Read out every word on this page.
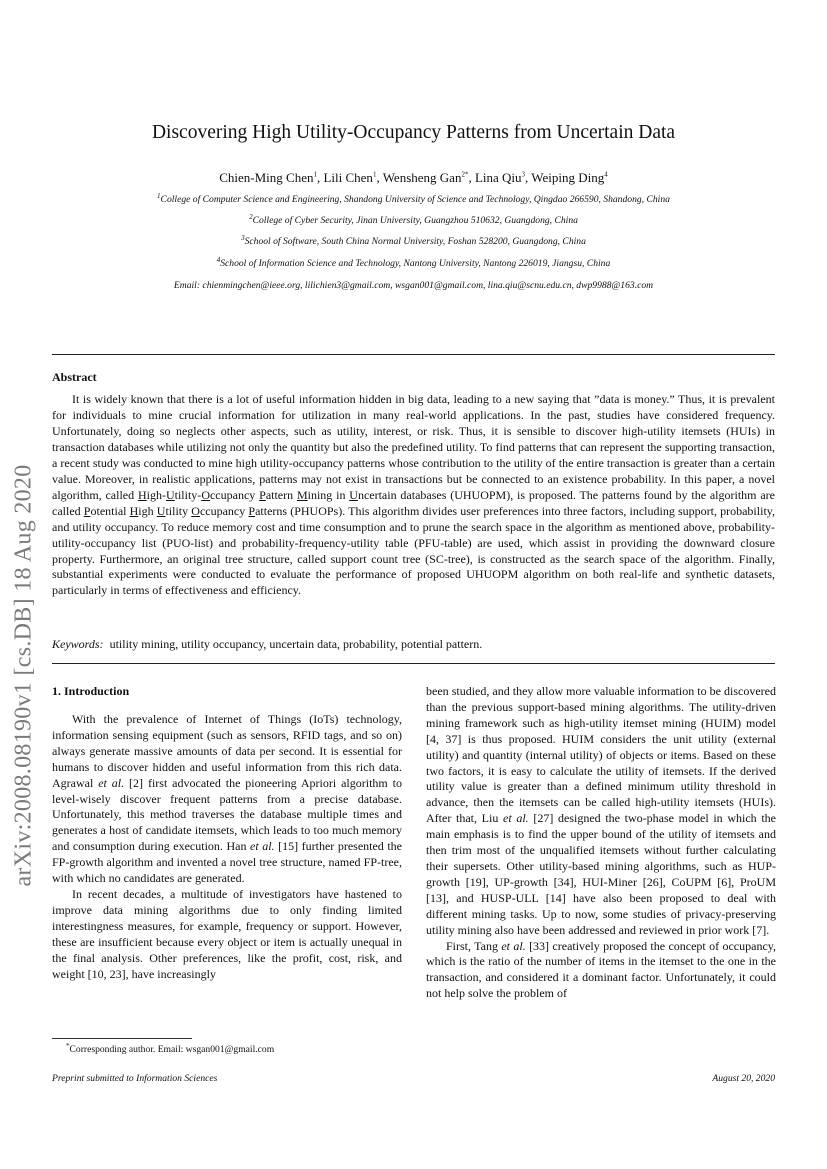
arXiv:2008.08190v1 [cs.DB] 18 Aug 2020
Discovering High Utility-Occupancy Patterns from Uncertain Data
Chien-Ming Chen$^1$, Lili Chen$^1$, Wensheng Gan$^{2*}$, Lina Qiu$^3$, Weiping Ding$^4$
$^1$College of Computer Science and Engineering, Shandong University of Science and Technology, Qingdao 266590, Shandong, China
$^2$College of Cyber Security, Jinan University, Guangzhou 510632, Guangdong, China
$^3$School of Software, South China Normal University, Foshan 528200, Guangdong, China
$^4$School of Information Science and Technology, Nantong University, Nantong 226019, Jiangsu, China
Email: chienmingchen@ieee.org, lilichien3@gmail.com, wsgan001@gmail.com, lina.qiu@scnu.edu.cn, dwp9988@163.com
Abstract
It is widely known that there is a lot of useful information hidden in big data, leading to a new saying that ”data is money.” Thus, it is prevalent for individuals to mine crucial information for utilization in many real-world applications. In the past, studies have considered frequency. Unfortunately, doing so neglects other aspects, such as utility, interest, or risk. Thus, it is sensible to discover high-utility itemsets (HUIs) in transaction databases while utilizing not only the quantity but also the predefined utility. To find patterns that can represent the supporting transaction, a recent study was conducted to mine high utility-occupancy patterns whose contribution to the utility of the entire transaction is greater than a certain value. Moreover, in realistic applications, patterns may not exist in transactions but be connected to an existence probability. In this paper, a novel algorithm, called High-Utility-Occupancy Pattern Mining in Uncertain databases (UHUOPM), is proposed. The patterns found by the algorithm are called Potential High Utility Occupancy Patterns (PHUOPs). This algorithm divides user preferences into three factors, including support, probability, and utility occupancy. To reduce memory cost and time consumption and to prune the search space in the algorithm as mentioned above, probability-utility-occupancy list (PUO-list) and probability-frequency-utility table (PFU-table) are used, which assist in providing the downward closure property. Furthermore, an original tree structure, called support count tree (SC-tree), is constructed as the search space of the algorithm. Finally, substantial experiments were conducted to evaluate the performance of proposed UHUOPM algorithm on both real-life and synthetic datasets, particularly in terms of effectiveness and efficiency.
Keywords: utility mining, utility occupancy, uncertain data, probability, potential pattern.
1. Introduction

With the prevalence of Internet of Things (IoTs) technology, information sensing equipment (such as sensors, RFID tags, and so on) always generate massive amounts of data per second. It is essential for humans to discover hidden and useful information from this rich data. Agrawal et al. [2] first advocated the pioneering Apriori algorithm to level-wisely discover frequent patterns from a precise database. Unfortunately, this method traverses the database multiple times and generates a host of candidate itemsets, which leads to too much memory and consumption during execution. Han et al. [15] further presented the FP-growth algorithm and invented a novel tree structure, named FP-tree, with which no candidates are generated.

In recent decades, a multitude of investigators have hastened to improve data mining algorithms due to only finding limited interestingness measures, for example, frequency or support. However, these are insufficient because every object or item is actually unequal in the final analysis. Other preferences, like the profit, cost, risk, and weight [10, 23], have increasingly

been studied, and they allow more valuable information to be discovered than the previous support-based mining algorithms. The utility-driven mining framework such as high-utility itemset mining (HUIM) model [4, 37] is thus proposed. HUIM considers the unit utility (external utility) and quantity (internal utility) of objects or items. Based on these two factors, it is easy to calculate the utility of itemsets. If the derived utility value is greater than a defined minimum utility threshold in advance, then the itemsets can be called high-utility itemsets (HUIs). After that, Liu et al. [27] designed the two-phase model in which the main emphasis is to find the upper bound of the utility of itemsets and then trim most of the unqualified itemsets without further calculating their supersets. Other utility-based mining algorithms, such as HUP-growth [19], UP-growth [34], HUI-Miner [26], CoUPM [6], ProUM [13], and HUSP-ULL [14] have also been proposed to deal with different mining tasks. Up to now, some studies of privacy-preserving utility mining also have been addressed and reviewed in prior work [7].

First, Tang et al. [33] creatively proposed the concept of occupancy, which is the ratio of the number of items in the itemset to the one in the transaction, and considered it a dominant factor. Unfortunately, it could not help solve the problem of

*Corresponding author. Email: wsgan001@gmail.com
Preprint submitted to Information Sciences	August 20, 2020
